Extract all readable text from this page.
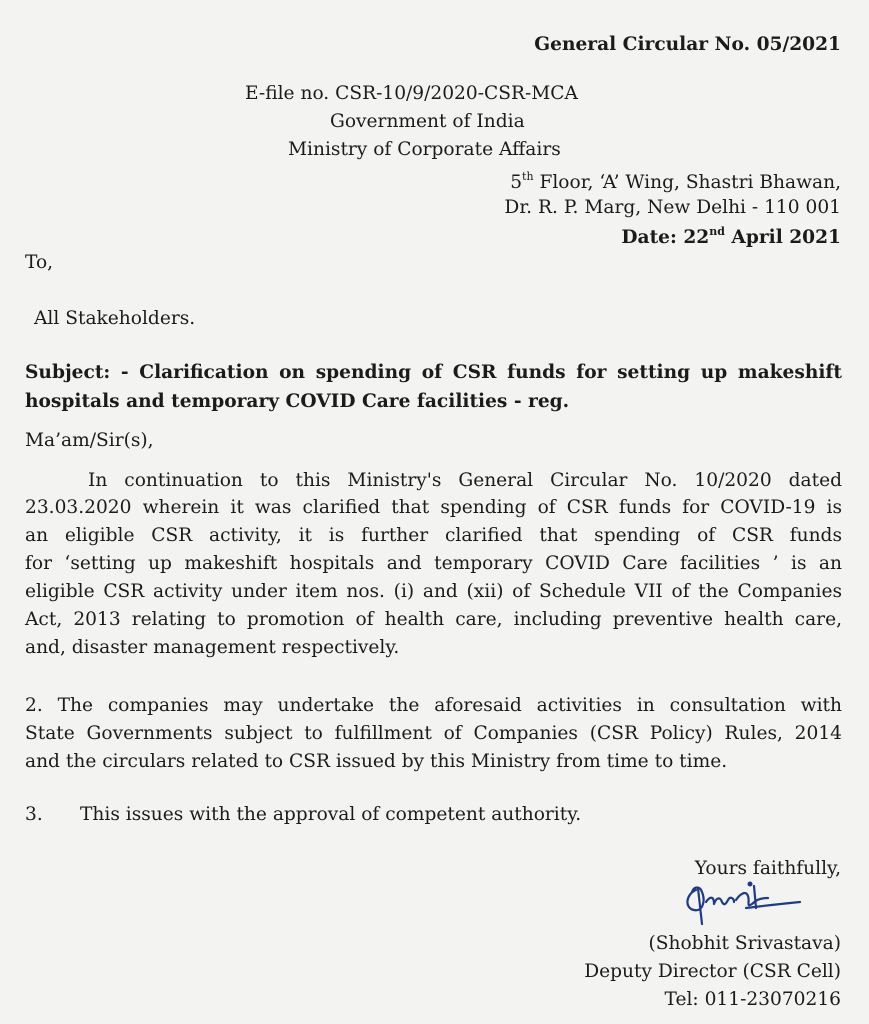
General Circular No. 05/2021
E-file no. CSR-10/9/2020-CSR-MCA
Government of India
Ministry of Corporate Affairs
5th Floor, ‘A’ Wing, Shastri Bhawan,
Dr. R. P. Marg, New Delhi - 110 001
Date: 22nd April 2021
To,
All Stakeholders.
Subject: - Clarification on spending of CSR funds for setting up makeshift
hospitals and temporary COVID Care facilities - reg.
Ma’am/Sir(s),
In continuation to this Ministry's General Circular No. 10/2020 dated
23.03.2020 wherein it was clarified that spending of CSR funds for COVID-19 is
an eligible CSR activity, it is further clarified that spending of CSR funds
for ‘setting up makeshift hospitals and temporary COVID Care facilities ’ is an
eligible CSR activity under item nos. (i) and (xii) of Schedule VII of the Companies
Act, 2013 relating to promotion of health care, including preventive health care,
and, disaster management respectively.
2. The companies may undertake the aforesaid activities in consultation with
State Governments subject to fulfillment of Companies (CSR Policy) Rules, 2014
and the circulars related to CSR issued by this Ministry from time to time.
3. This issues with the approval of competent authority.
Yours faithfully,
(Shobhit Srivastava)
Deputy Director (CSR Cell)
Tel: 011-23070216
